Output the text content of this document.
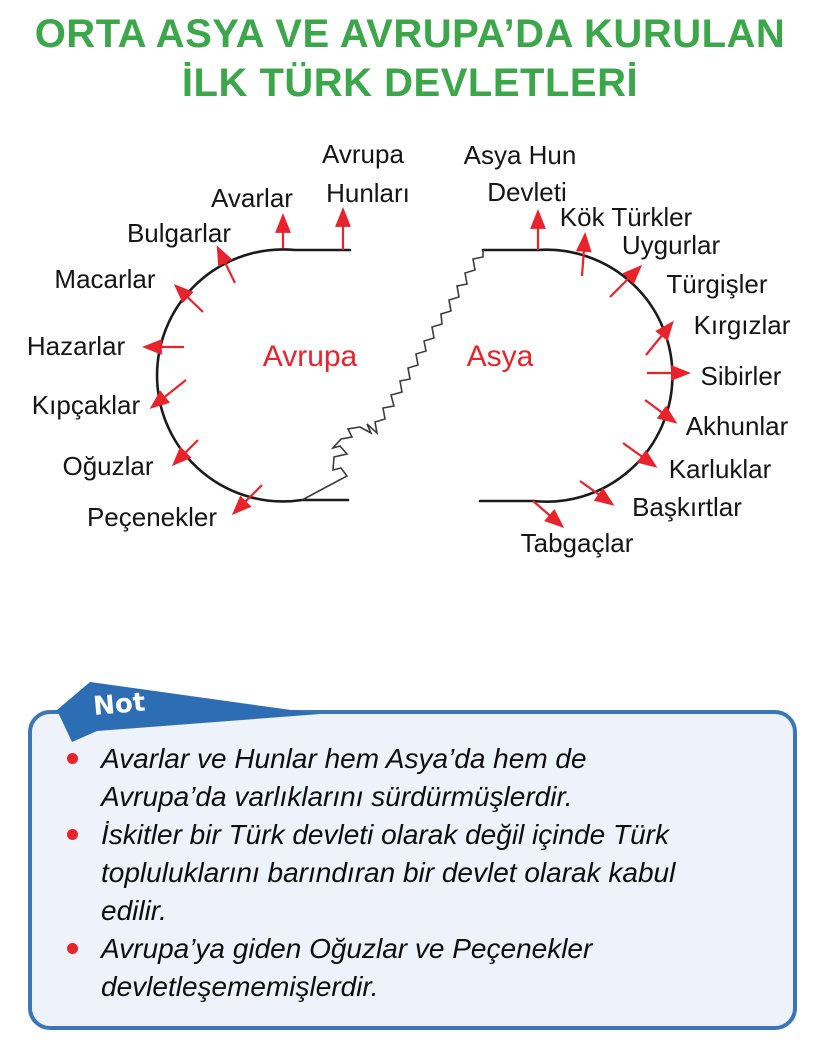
ORTA ASYA VE AVRUPA’DA KURULAN
İLK TÜRK DEVLETLERİ
Avrupa	Asya
Avrupa
Hunları
Avarlar
Bulgarlar
Macarlar
Hazarlar
Kıpçaklar
Oğuzlar
Peçenekler
Asya Hun
Devleti
Kök Türkler
Uygurlar
Türgişler
Kırgızlar
Sibirler
Akhunlar
Karluklar
Başkırtlar
Tabgaçlar
Avarlar ve Hunlar hem Asya’da hem de Avrupa’da varlıklarını sürdürmüşlerdir.
İskitler bir Türk devleti olarak değil içinde Türk topluluklarını barındıran bir devlet olarak kabul edilir.
Avrupa’ya giden Oğuzlar ve Peçenekler devletleşememişlerdir.
Not
